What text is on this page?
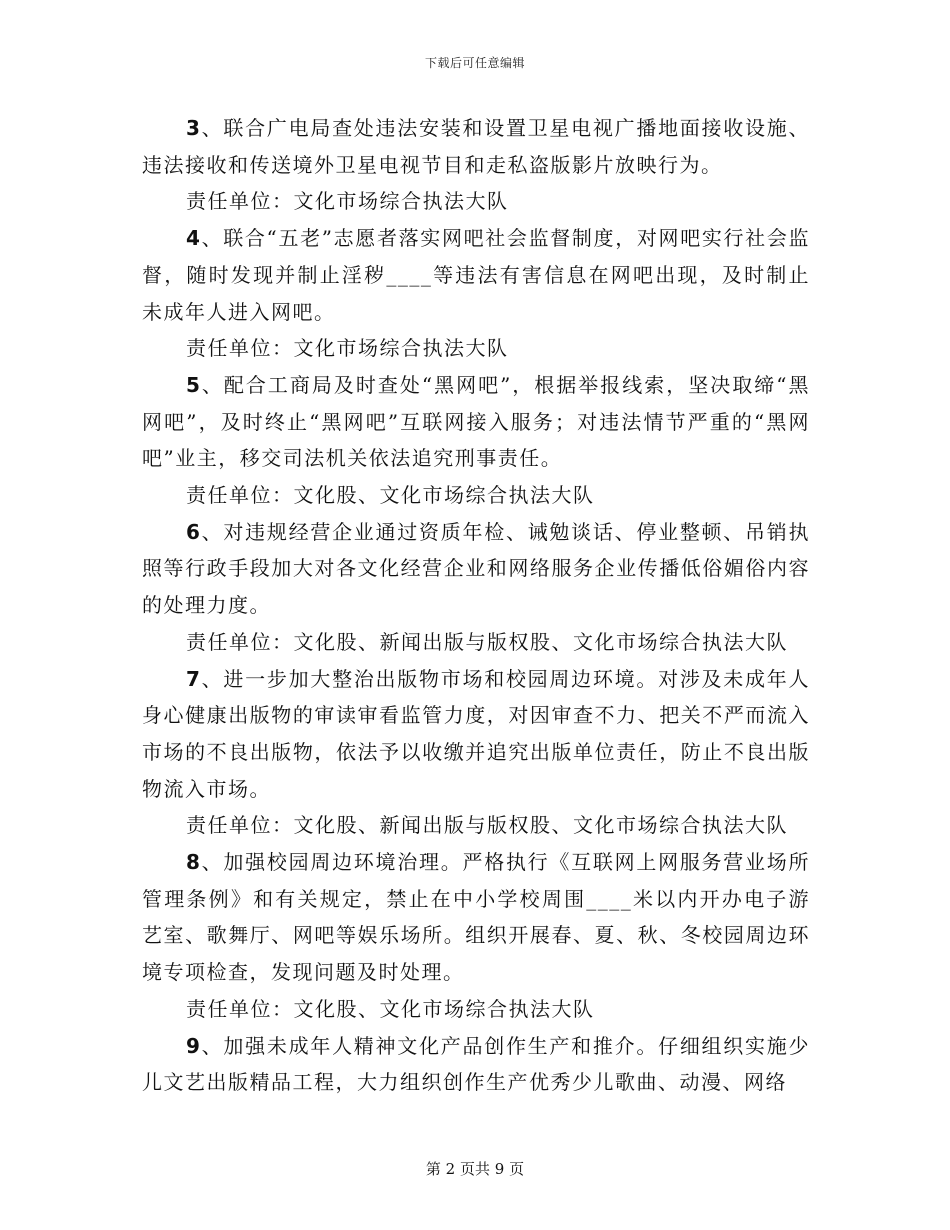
下载后可任意编辑

3、联合广电局查处违法安装和设置卫星电视广播地面接收设施、违法接收和传送境外卫星电视节目和走私盗版影片放映行为。

责任单位：文化市场综合执法大队

4、联合“五老”志愿者落实网吧社会监督制度，对网吧实行社会监督，随时发现并制止淫秽____等违法有害信息在网吧出现，及时制止未成年人进入网吧。

责任单位：文化市场综合执法大队

5、配合工商局及时查处“黑网吧”，根据举报线索，坚决取缔“黑网吧”，及时终止“黑网吧”互联网接入服务；对违法情节严重的“黑网吧”业主，移交司法机关依法追究刑事责任。

责任单位：文化股、文化市场综合执法大队

6、对违规经营企业通过资质年检、诫勉谈话、停业整顿、吊销执照等行政手段加大对各文化经营企业和网络服务企业传播低俗媚俗内容的处理力度。

责任单位：文化股、新闻出版与版权股、文化市场综合执法大队

7、进一步加大整治出版物市场和校园周边环境。对涉及未成年人身心健康出版物的审读审看监管力度，对因审查不力、把关不严而流入市场的不良出版物，依法予以收缴并追究出版单位责任，防止不良出版物流入市场。

责任单位：文化股、新闻出版与版权股、文化市场综合执法大队

8、加强校园周边环境治理。严格执行《互联网上网服务营业场所管理条例》和有关规定，禁止在中小学校周围____米以内开办电子游艺室、歌舞厅、网吧等娱乐场所。组织开展春、夏、秋、冬校园周边环境专项检查，发现问题及时处理。

责任单位：文化股、文化市场综合执法大队

9、加强未成年人精神文化产品创作生产和推介。仔细组织实施少儿文艺出版精品工程，大力组织创作生产优秀少儿歌曲、动漫、网络

第 2 页共 9 页
